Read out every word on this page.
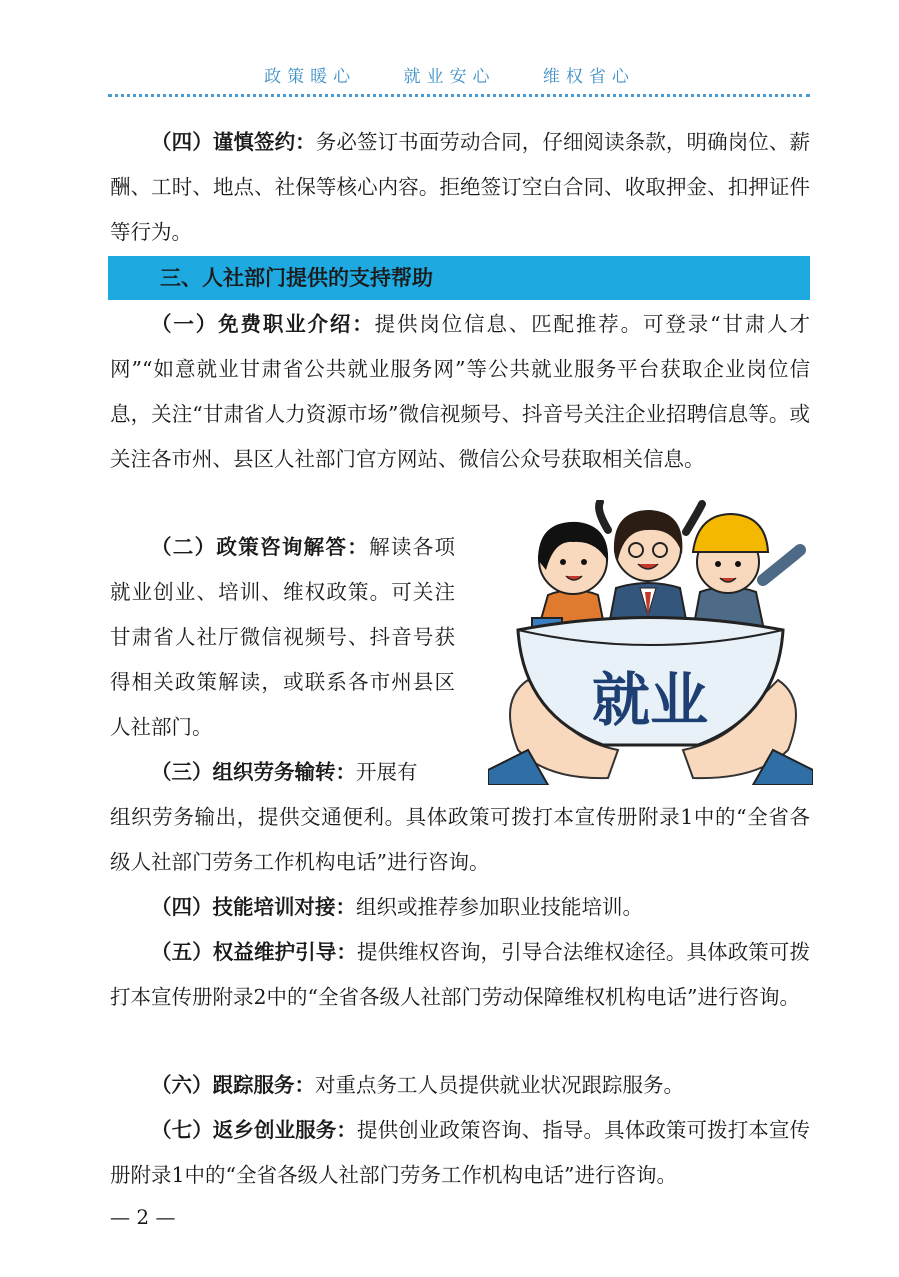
政策暖心	就业安心	维权省心

（四）谨慎签约：务必签订书面劳动合同，仔细阅读条款，明确岗位、薪酬、工时、地点、社保等核心内容。拒绝签订空白合同、收取押金、扣押证件等行为。

三、人社部门提供的支持帮助

（一）免费职业介绍：提供岗位信息、匹配推荐。可登录“甘肃人才网”“如意就业甘肃省公共就业服务网”等公共就业服务平台获取企业岗位信息，关注“甘肃省人力资源市场”微信视频号、抖音号关注企业招聘信息等。或关注各市州、县区人社部门官方网站、微信公众号获取相关信息。

（二）政策咨询解答：解读各项就业创业、培训、维权政策。可关注甘肃省人社厅微信视频号、抖音号获得相关政策解读，或联系各市州县区人社部门。

（三）组织劳务输转：开展有

组织劳务输出，提供交通便利。具体政策可拨打本宣传册附录1中的“全省各级人社部门劳务工作机构电话”进行咨询。

（四）技能培训对接：组织或推荐参加职业技能培训。

（五）权益维护引导：提供维权咨询，引导合法维权途径。具体政策可拨打本宣传册附录2中的“全省各级人社部门劳动保障维权机构电话”进行咨询。

（六）跟踪服务：对重点务工人员提供就业状况跟踪服务。

（七）返乡创业服务：提供创业政策咨询、指导。具体政策可拨打本宣传册附录1中的“全省各级人社部门劳务工作机构电话”进行咨询。

就业
— 2 —
